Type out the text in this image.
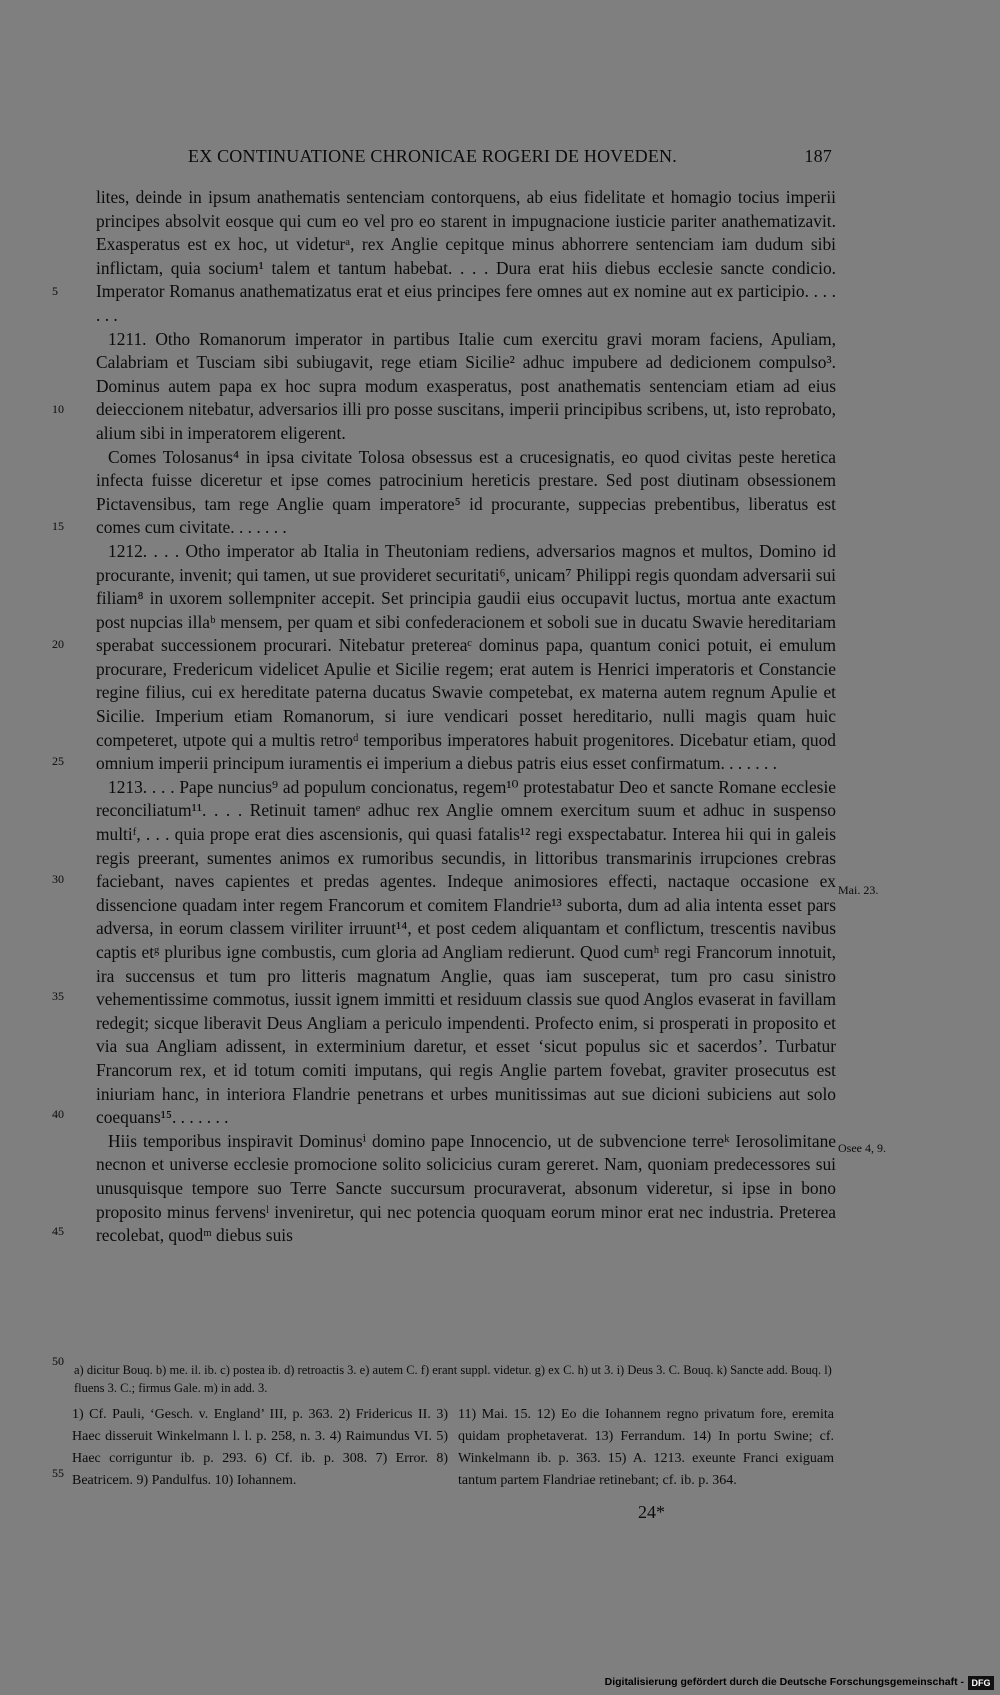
EX CONTINUATIONE CHRONICAE ROGERI DE HOVEDEN.	187
5
10
15
20
25
30
35
40
45
50
55
Mai. 23.
Osee 4, 9.

lites, deinde in ipsum anathematis sentenciam contorquens, ab eius fidelitate et homagio tocius imperii principes absolvit eosque qui cum eo vel pro eo starent in impugnacione iusticie pariter anathematizavit. Exasperatus est ex hoc, ut videturᵃ, rex Anglie cepitque minus abhorrere sentenciam iam dudum sibi inflictam, quia socium¹ talem et tantum habebat. . . . Dura erat hiis diebus ecclesie sancte condicio. Imperator Romanus anathematizatus erat et eius principes fere omnes aut ex nomine aut ex participio. . . . . . .

1211. Otho Romanorum imperator in partibus Italie cum exercitu gravi moram faciens, Apuliam, Calabriam et Tusciam sibi subiugavit, rege etiam Sicilie² adhuc impubere ad dedicionem compulso³. Dominus autem papa ex hoc supra modum exasperatus, post anathematis sentenciam etiam ad eius deieccionem nitebatur, adversarios illi pro posse suscitans, imperii principibus scribens, ut, isto reprobato, alium sibi in imperatorem eligerent.

Comes Tolosanus⁴ in ipsa civitate Tolosa obsessus est a crucesignatis, eo quod civitas peste heretica infecta fuisse diceretur et ipse comes patrocinium hereticis prestare. Sed post diutinam obsessionem Pictavensibus, tam rege Anglie quam imperatore⁵ id procurante, suppecias prebentibus, liberatus est comes cum civitate. . . . . . .

1212. . . . Otho imperator ab Italia in Theutoniam rediens, adversarios magnos et multos, Domino id procurante, invenit; qui tamen, ut sue provideret securitati⁶, unicam⁷ Philippi regis quondam adversarii sui filiam⁸ in uxorem sollempniter accepit. Set principia gaudii eius occupavit luctus, mortua ante exactum post nupcias illaᵇ mensem, per quam et sibi confederacionem et soboli sue in ducatu Swavie hereditariam sperabat successionem procurari. Nitebatur pretereaᶜ dominus papa, quantum conici potuit, ei emulum procurare, Fredericum videlicet Apulie et Sicilie regem; erat autem is Henrici imperatoris et Constancie regine filius, cui ex hereditate paterna ducatus Swavie competebat, ex materna autem regnum Apulie et Sicilie. Imperium etiam Romanorum, si iure vendicari posset hereditario, nulli magis quam huic competeret, utpote qui a multis retroᵈ temporibus imperatores habuit progenitores. Dicebatur etiam, quod omnium imperii principum iuramentis ei imperium a diebus patris eius esset confirmatum. . . . . . .

1213. . . . Pape nuncius⁹ ad populum concionatus, regem¹⁰ protestabatur Deo et sancte Romane ecclesie reconciliatum¹¹. . . . Retinuit tamenᵉ adhuc rex Anglie omnem exercitum suum et adhuc in suspenso multiᶠ, . . . quia prope erat dies ascensionis, qui quasi fatalis¹² regi exspectabatur. Interea hii qui in galeis regis preerant, sumentes animos ex rumoribus secundis, in littoribus transmarinis irrupciones crebras faciebant, naves capientes et predas agentes. Indeque animosiores effecti, nactaque occasione ex dissencione quadam inter regem Francorum et comitem Flandrie¹³ suborta, dum ad alia intenta esset pars adversa, in eorum classem viriliter irruunt¹⁴, et post cedem aliquantam et conflictum, trescentis navibus captis etᵍ pluribus igne combustis, cum gloria ad Angliam redierunt. Quod cumʰ regi Francorum innotuit, ira succensus et tum pro litteris magnatum Anglie, quas iam susceperat, tum pro casu sinistro vehementissime commotus, iussit ignem immitti et residuum classis sue quod Anglos evaserat in favillam redegit; sicque liberavit Deus Angliam a periculo impendenti. Profecto enim, si prosperati in proposito et via sua Angliam adissent, in exterminium daretur, et esset ‘sicut populus sic et sacerdos’. Turbatur Francorum rex, et id totum comiti imputans, qui regis Anglie partem fovebat, graviter prosecutus est iniuriam hanc, in interiora Flandrie penetrans et urbes munitissimas aut sue dicioni subiciens aut solo coequans¹⁵. . . . . . .

Hiis temporibus inspiravit Dominusⁱ domino pape Innocencio, ut de subvencione terreᵏ Ierosolimitane necnon et universe ecclesie promocione solito solicicius curam gereret. Nam, quoniam predecessores sui unusquisque tempore suo Terre Sancte succursum procuraverat, absonum videretur, si ipse in bono proposito minus fervensˡ inveniretur, qui nec potencia quoquam eorum minor erat nec industria. Preterea recolebat, quodᵐ diebus suis

a) dicitur Bouq. b) me. il. ib. c) postea ib. d) retroactis 3. e) autem C. f) erant suppl. videtur. g) ex C. h) ut 3. i) Deus 3. C. Bouq. k) Sancte add. Bouq. l) fluens 3. C.; firmus Gale. m) in add. 3.
1) Cf. Pauli, ‘Gesch. v. England’ III, p. 363. 2) Fridericus II. 3) Haec disseruit Winkelmann l. l. p. 258, n. 3. 4) Raimundus VI. 5) Haec corriguntur ib. p. 293. 6) Cf. ib. p. 308. 7) Error. 8) Beatricem. 9) Pandulfus. 10) Iohannem.
11) Mai. 15. 12) Eo die Iohannem regno privatum fore, eremita quidam prophetaverat. 13) Ferrandum. 14) In portu Swine; cf. Winkelmann ib. p. 363. 15) A. 1213. exeunte Franci exiguam tantum partem Flandriae retinebant; cf. ib. p. 364.
24*
Digitalisierung gefördert durch die Deutsche Forschungsgemeinschaft - DFG
